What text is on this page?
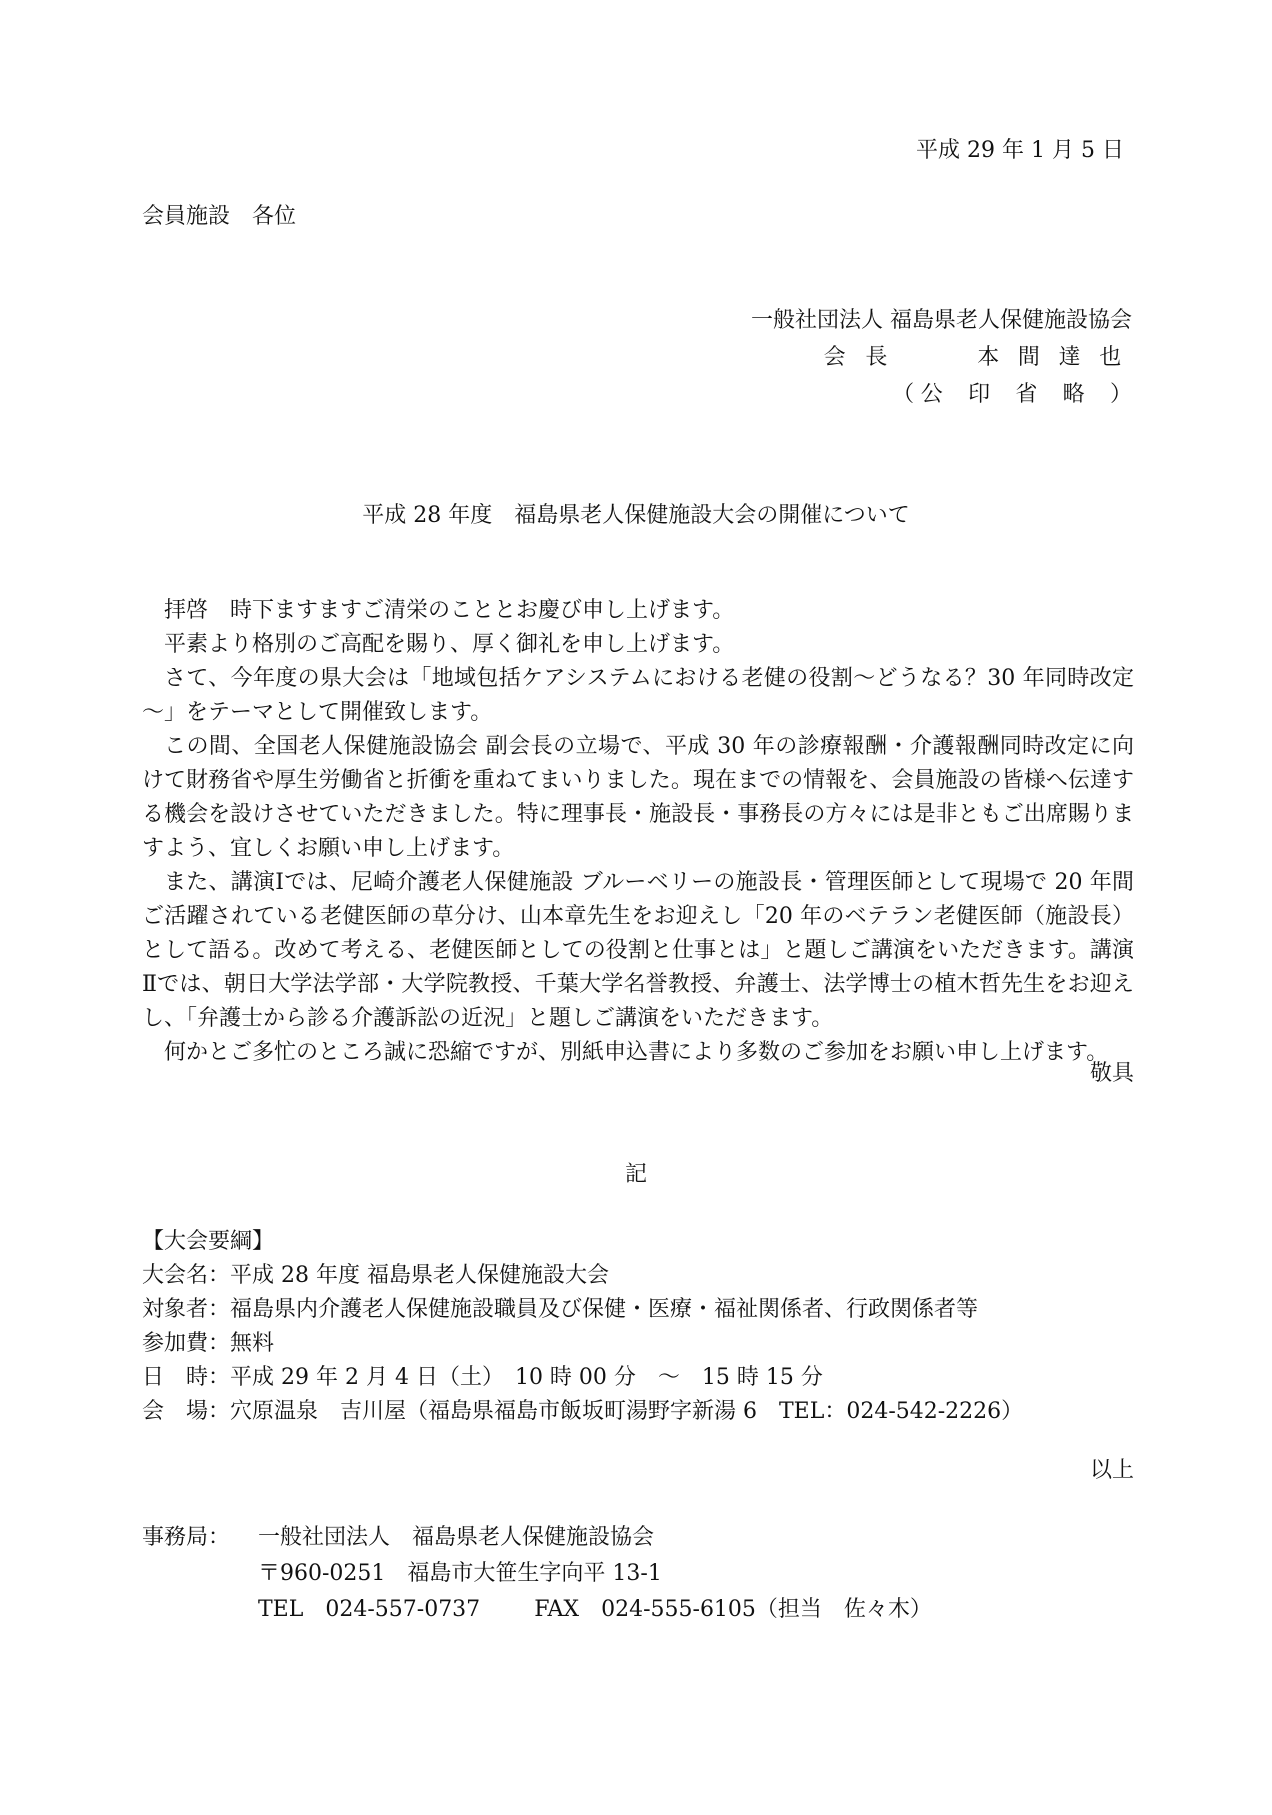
平成 29 年 1 月 5 日
会員施設　各位
一般社団法人 福島県老人保健施設協会
会長	本間達也
（公印省略）
平成 28 年度　福島県老人保健施設大会の開催について

拝啓　時下ますますご清栄のこととお慶び申し上げます。

平素より格別のご高配を賜り、厚く御礼を申し上げます。

さて、今年度の県大会は「地域包括ケアシステムにおける老健の役割～どうなる？30 年同時改定～」をテーマとして開催致します。

この間、全国老人保健施設協会 副会長の立場で、平成 30 年の診療報酬・介護報酬同時改定に向けて財務省や厚生労働省と折衝を重ねてまいりました。現在までの情報を、会員施設の皆様へ伝達する機会を設けさせていただきました。特に理事長・施設長・事務長の方々には是非ともご出席賜りますよう、宜しくお願い申し上げます。

また、講演Ⅰでは、尼崎介護老人保健施設 ブルーベリーの施設長・管理医師として現場で 20 年間ご活躍されている老健医師の草分け、山本章先生をお迎えし「20 年のベテラン老健医師（施設長）として語る。改めて考える、老健医師としての役割と仕事とは」と題しご講演をいただきます。講演Ⅱでは、朝日大学法学部・大学院教授、千葉大学名誉教授、弁護士、法学博士の植木哲先生をお迎えし、「弁護士から診る介護訴訟の近況」と題しご講演をいただきます。

何かとご多忙のところ誠に恐縮ですが、別紙申込書により多数のご参加をお願い申し上げます。

敬具
記
【大会要綱】
大会名：平成 28 年度 福島県老人保健施設大会
対象者：福島県内介護老人保健施設職員及び保健・医療・福祉関係者、行政関係者等
参加費：無料
日　時：平成 29 年 2 月 4 日（土）　10 時 00 分　～　15 時 15 分
会　場：穴原温泉　吉川屋（福島県福島市飯坂町湯野字新湯 6　TEL：024-542-2226）
以上
事務局： 一般社団法人　福島県老人保健施設協会
〒960-0251　福島市大笹生字向平 13-1
TEL　024-557-0737 FAX　024-555-6105（担当　佐々木）
